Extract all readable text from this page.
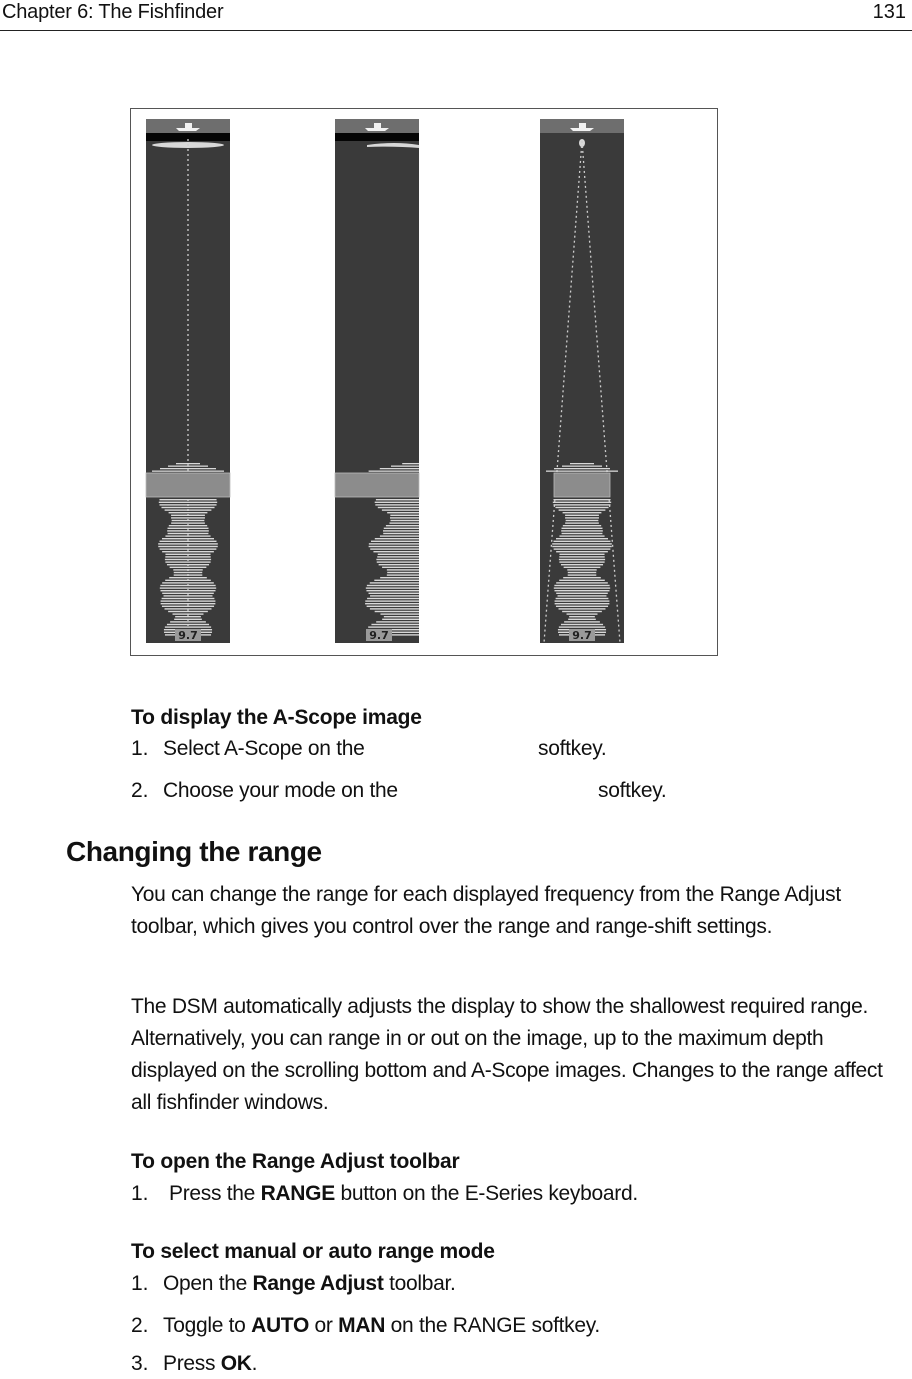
Chapter 6: The Fishfinder	131
9.7	9.7	9.7
To display the A-Scope image
1. Select A-Scope on the	softkey.
2. Choose your mode on the	softkey.
Changing the range
You can change the range for each displayed frequency from the Range Adjust
toolbar, which gives you control over the range and range-shift settings.
The DSM automatically adjusts the display to show the shallowest required range.
Alternatively, you can range in or out on the image, up to the maximum depth
displayed on the scrolling bottom and A-Scope images. Changes to the range affect
all fishfinder windows.
To open the Range Adjust toolbar
1. Press the RANGE button on the E-Series keyboard.
To select manual or auto range mode
1. Open the Range Adjust toolbar.
2. Toggle to AUTO or MAN on the RANGE softkey.
3. Press OK.
